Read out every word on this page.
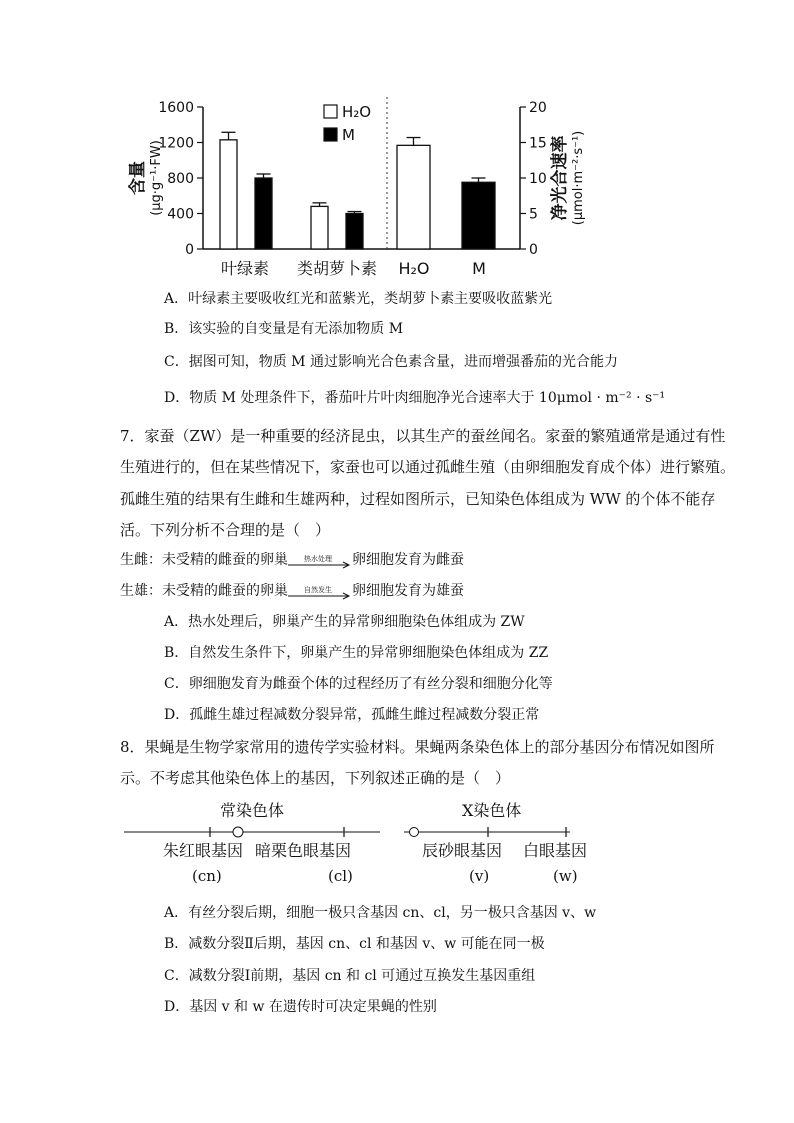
0
400
800
1200
1600
0
5
10
15
20
叶绿素 类胡萝卜素 H₂O	M
H₂O
M
含量 (μg·g⁻¹·FW)	净光合速率 (μmol·m⁻²·s⁻¹)
A．叶绿素主要吸收红光和蓝紫光，类胡萝卜素主要吸收蓝紫光
B．该实验的自变量是有无添加物质 M
C．据图可知，物质 M 通过影响光合色素含量，进而增强番茄的光合能力
D．物质 M 处理条件下，番茄叶片叶肉细胞净光合速率大于 10μmol · m⁻² · s⁻¹
7．家蚕（ZW）是一种重要的经济昆虫，以其生产的蚕丝闻名。家蚕的繁殖通常是通过有性
生殖进行的，但在某些情况下，家蚕也可以通过孤雌生殖（由卵细胞发育成个体）进行繁殖。
孤雌生殖的结果有生雌和生雄两种，过程如图所示，已知染色体组成为 WW 的个体不能存
活。下列分析不合理的是（　）
生雌：未受精的雌蚕的卵巢	热水处理	卵细胞发育为雌蚕
生雄：未受精的雌蚕的卵巢	自然发生	卵细胞发育为雄蚕
A．热水处理后，卵巢产生的异常卵细胞染色体组成为 ZW
B．自然发生条件下，卵巢产生的异常卵细胞染色体组成为 ZZ
C．卵细胞发育为雌蚕个体的过程经历了有丝分裂和细胞分化等
D．孤雌生雄过程减数分裂异常，孤雌生雌过程减数分裂正常
8．果蝇是生物学家常用的遗传学实验材料。果蝇两条染色体上的部分基因分布情况如图所
示。不考虑其他染色体上的基因，下列叙述正确的是（　）
常染色体	X染色体
朱红眼基因
(cn)
暗栗色眼基因
(cl)
辰砂眼基因
(v)
白眼基因
(w)
A．有丝分裂后期，细胞一极只含基因 cn、cl，另一极只含基因 v、w
B．减数分裂Ⅱ后期，基因 cn、cl 和基因 v、w 可能在同一极
C．减数分裂Ⅰ前期，基因 cn 和 cl 可通过互换发生基因重组
D．基因 v 和 w 在遗传时可决定果蝇的性别
